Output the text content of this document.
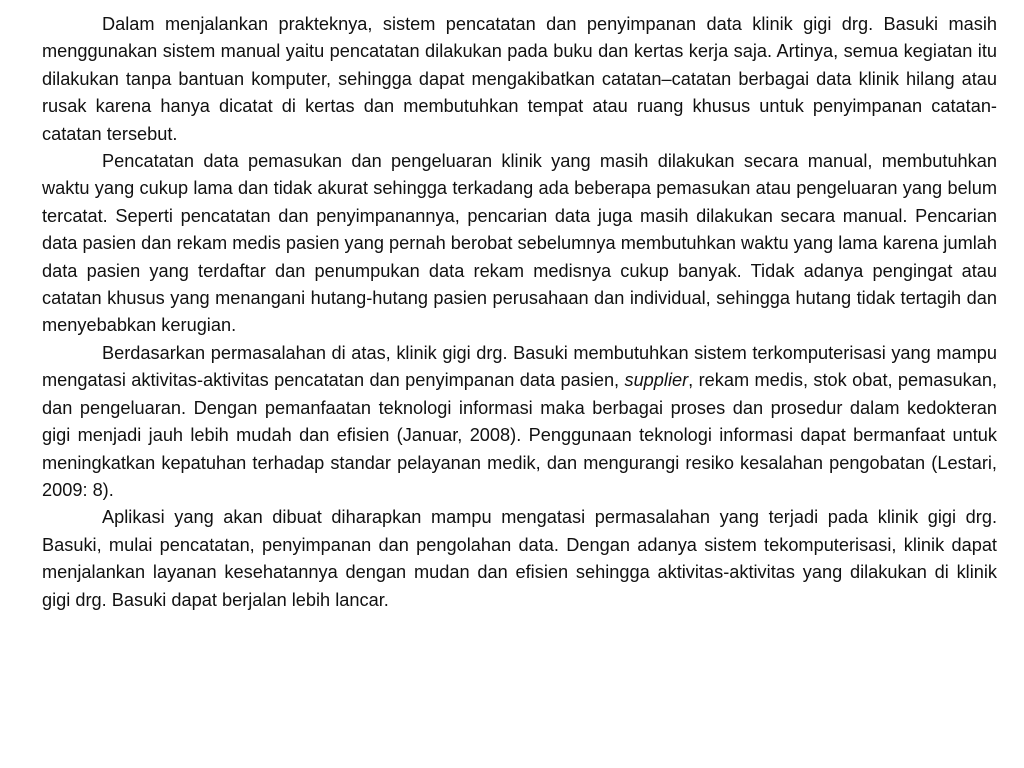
Dalam menjalankan prakteknya, sistem pencatatan dan penyimpanan data klinik gigi drg. Basuki masih menggunakan sistem manual yaitu pencatatan dilakukan pada buku dan kertas kerja saja. Artinya, semua kegiatan itu dilakukan tanpa bantuan komputer, sehingga dapat mengakibatkan catatan–catatan berbagai data klinik hilang atau rusak karena hanya dicatat di kertas dan membutuhkan tempat atau ruang khusus untuk penyimpanan catatan-catatan tersebut.

Pencatatan data pemasukan dan pengeluaran klinik yang masih dilakukan secara manual, membutuhkan waktu yang cukup lama dan tidak akurat sehingga terkadang ada beberapa pemasukan atau pengeluaran yang belum tercatat. Seperti pencatatan dan penyimpanannya, pencarian data juga masih dilakukan secara manual. Pencarian data pasien dan rekam medis pasien yang pernah berobat sebelumnya membutuhkan waktu yang lama karena jumlah data pasien yang terdaftar dan penumpukan data rekam medisnya cukup banyak. Tidak adanya pengingat atau catatan khusus yang menangani hutang-hutang pasien perusahaan dan individual, sehingga hutang tidak tertagih dan menyebabkan kerugian.

Berdasarkan permasalahan di atas, klinik gigi drg. Basuki membutuhkan sistem terkomputerisasi yang mampu mengatasi aktivitas-aktivitas pencatatan dan penyimpanan data pasien, supplier, rekam medis, stok obat, pemasukan, dan pengeluaran. Dengan pemanfaatan teknologi informasi maka berbagai proses dan prosedur dalam kedokteran gigi menjadi jauh lebih mudah dan efisien (Januar, 2008). Penggunaan teknologi informasi dapat bermanfaat untuk meningkatkan kepatuhan terhadap standar pelayanan medik, dan mengurangi resiko kesalahan pengobatan (Lestari, 2009: 8).

Aplikasi yang akan dibuat diharapkan mampu mengatasi permasalahan yang terjadi pada klinik gigi drg. Basuki, mulai pencatatan, penyimpanan dan pengolahan data. Dengan adanya sistem tekomputerisasi, klinik dapat menjalankan layanan kesehatannya dengan mudan dan efisien sehingga aktivitas-aktivitas yang dilakukan di klinik gigi drg. Basuki dapat berjalan lebih lancar.
